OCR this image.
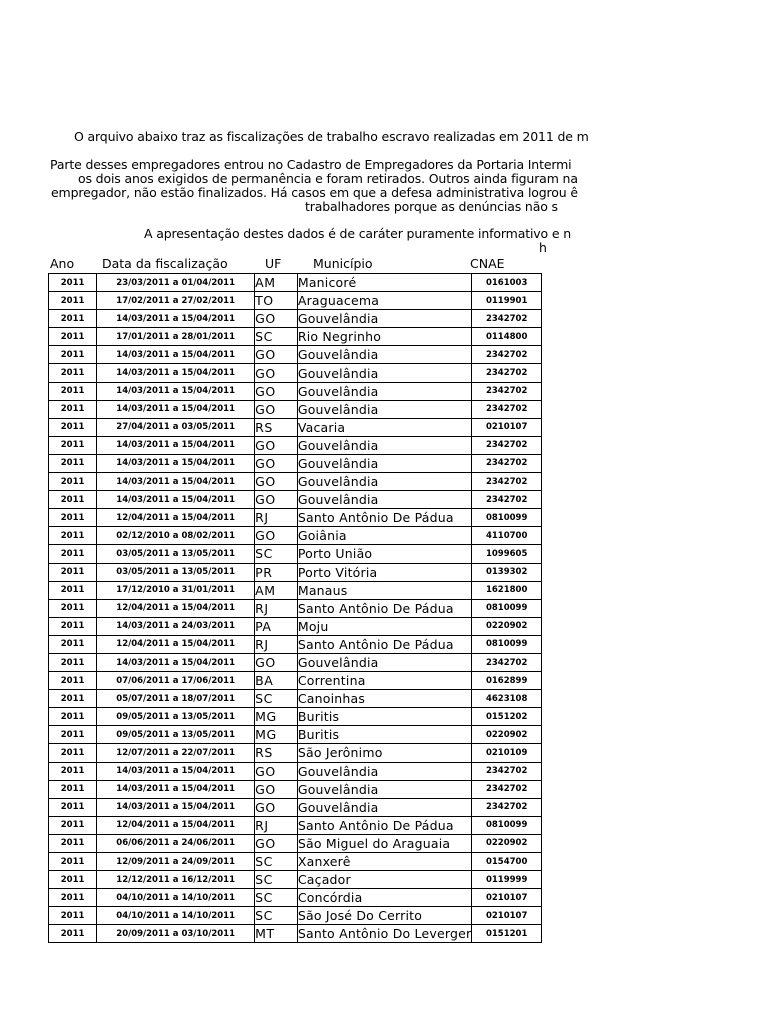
O arquivo abaixo traz as fiscalizações de trabalho escravo realizadas em 2011 de m
Parte desses empregadores entrou no Cadastro de Empregadores da Portaria Intermi
os dois anos exigidos de permanência e foram retirados. Outros ainda figuram na
empregador, não estão finalizados. Há casos em que a defesa administrativa logrou ê
trabalhadores porque as denúncias não s
A apresentação destes dados é de caráter puramente informativo e n
h
Ano Data da fiscalização	UF	Município	CNAE
2011	23/03/2011 a 01/04/2011	AM	Manicoré	0161003
2011	17/02/2011 a 27/02/2011	TO	Araguacema	0119901
2011	14/03/2011 a 15/04/2011	GO	Gouvelândia	2342702
2011	17/01/2011 a 28/01/2011	SC	Rio Negrinho	0114800
2011	14/03/2011 a 15/04/2011	GO	Gouvelândia	2342702
2011	14/03/2011 a 15/04/2011	GO	Gouvelândia	2342702
2011	14/03/2011 a 15/04/2011	GO	Gouvelândia	2342702
2011	14/03/2011 a 15/04/2011	GO	Gouvelândia	2342702
2011	27/04/2011 a 03/05/2011	RS	Vacaria	0210107
2011	14/03/2011 a 15/04/2011	GO	Gouvelândia	2342702
2011	14/03/2011 a 15/04/2011	GO	Gouvelândia	2342702
2011	14/03/2011 a 15/04/2011	GO	Gouvelândia	2342702
2011	14/03/2011 a 15/04/2011	GO	Gouvelândia	2342702
2011	12/04/2011 a 15/04/2011	RJ	Santo Antônio De Pádua	0810099
2011	02/12/2010 a 08/02/2011	GO	Goiânia	4110700
2011	03/05/2011 a 13/05/2011	SC	Porto União	1099605
2011	03/05/2011 a 13/05/2011	PR	Porto Vitória	0139302
2011	17/12/2010 a 31/01/2011	AM	Manaus	1621800
2011	12/04/2011 a 15/04/2011	RJ	Santo Antônio De Pádua	0810099
2011	14/03/2011 a 24/03/2011	PA	Moju	0220902
2011	12/04/2011 a 15/04/2011	RJ	Santo Antônio De Pádua	0810099
2011	14/03/2011 a 15/04/2011	GO	Gouvelândia	2342702
2011	07/06/2011 a 17/06/2011	BA	Correntina	0162899
2011	05/07/2011 a 18/07/2011	SC	Canoinhas	4623108
2011	09/05/2011 a 13/05/2011	MG	Buritis	0151202
2011	09/05/2011 a 13/05/2011	MG	Buritis	0220902
2011	12/07/2011 a 22/07/2011	RS	São Jerônimo	0210109
2011	14/03/2011 a 15/04/2011	GO	Gouvelândia	2342702
2011	14/03/2011 a 15/04/2011	GO	Gouvelândia	2342702
2011	14/03/2011 a 15/04/2011	GO	Gouvelândia	2342702
2011	12/04/2011 a 15/04/2011	RJ	Santo Antônio De Pádua	0810099
2011	06/06/2011 a 24/06/2011	GO	São Miguel do Araguaia	0220902
2011	12/09/2011 a 24/09/2011	SC	Xanxerê	0154700
2011	12/12/2011 a 16/12/2011	SC	Caçador	0119999
2011	04/10/2011 a 14/10/2011	SC	Concórdia	0210107
2011	04/10/2011 a 14/10/2011	SC	São José Do Cerrito	0210107
2011	20/09/2011 a 03/10/2011	MT	Santo Antônio Do Leverger	0151201
